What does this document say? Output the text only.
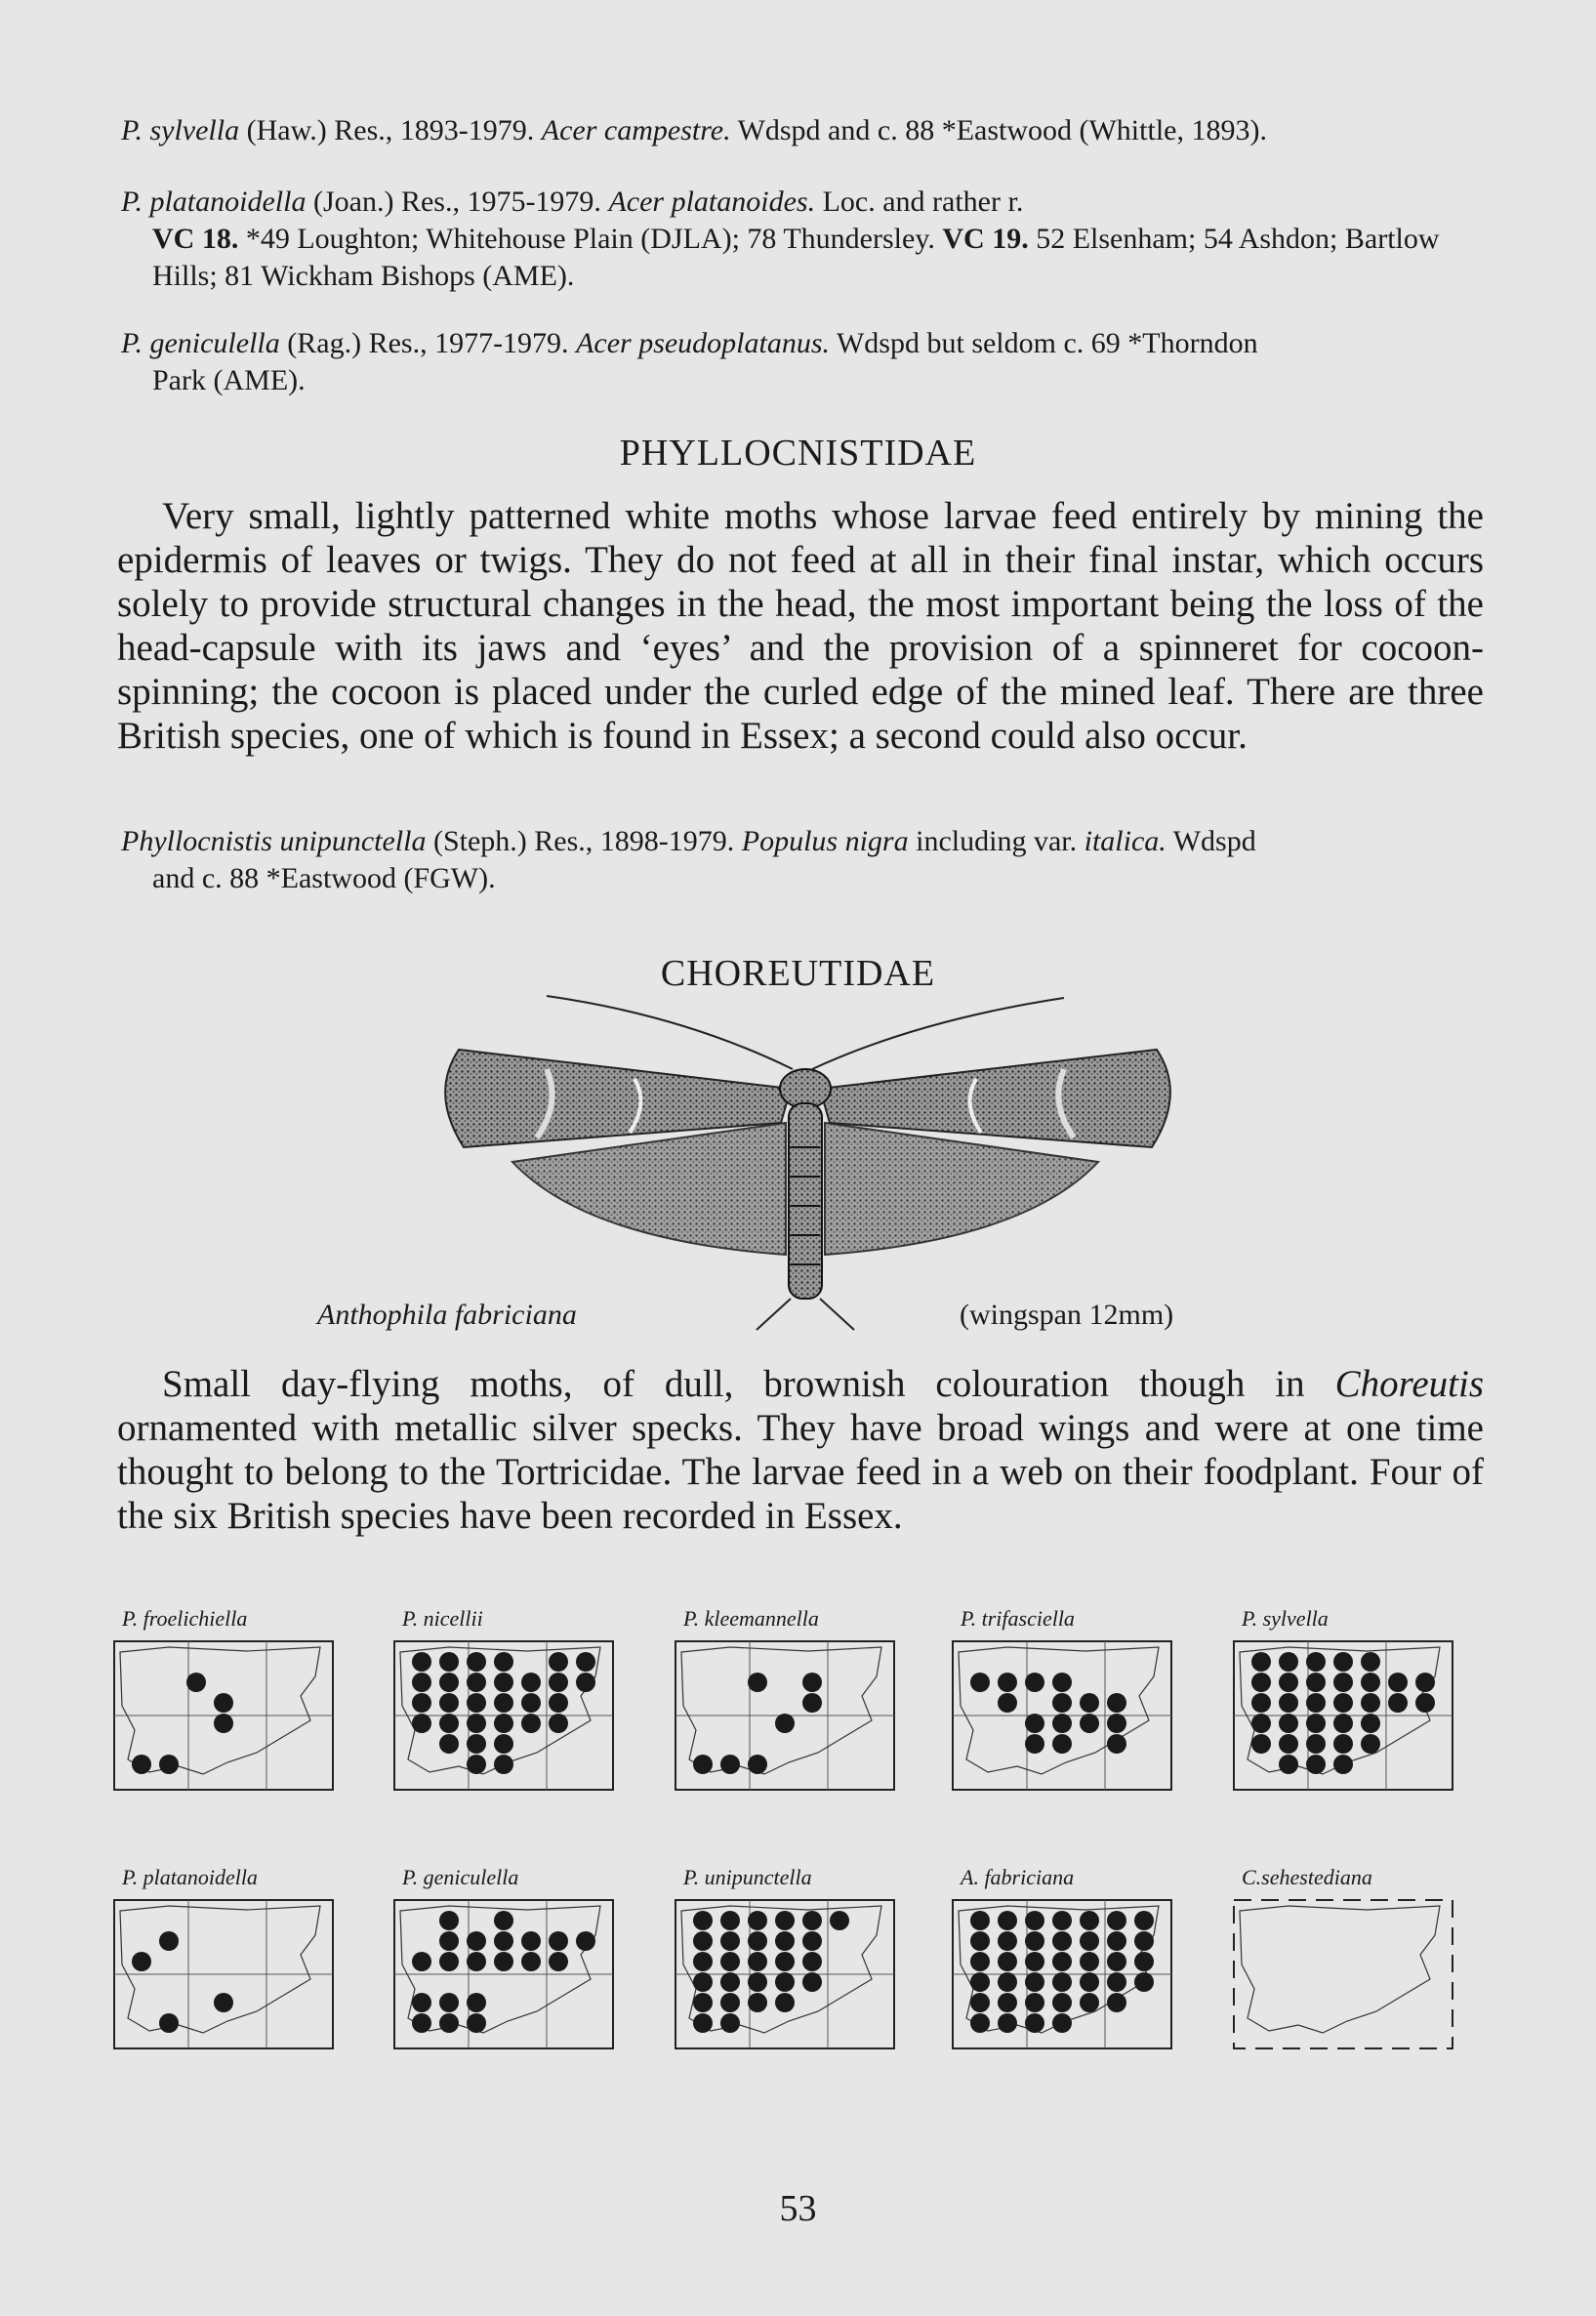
P. sylvella (Haw.) Res., 1893-1979. Acer campestre. Wdspd and c. 88 *Eastwood (Whittle, 1893).
P. platanoidella (Joan.) Res., 1975-1979. Acer platanoides. Loc. and rather r.
VC 18. *49 Loughton; Whitehouse Plain (DJLA); 78 Thundersley. VC 19. 52 Elsenham; 54 Ashdon; Bartlow Hills; 81 Wickham Bishops (AME).
P. geniculella (Rag.) Res., 1977-1979. Acer pseudoplatanus. Wdspd but seldom c. 69 *Thorndon
Park (AME).
PHYLLOCNISTIDAE
Very small, lightly patterned white moths whose larvae feed entirely by mining the epidermis of leaves or twigs. They do not feed at all in their final instar, which occurs solely to provide structural changes in the head, the most important being the loss of the head-capsule with its jaws and ‘eyes’ and the provision of a spinneret for cocoon-spinning; the cocoon is placed under the curled edge of the mined leaf. There are three British species, one of which is found in Essex; a second could also occur.
Phyllocnistis unipunctella (Steph.) Res., 1898-1979. Populus nigra including var. italica. Wdspd
and c. 88 *Eastwood (FGW).
CHOREUTIDAE
Anthophila fabriciana	(wingspan 12mm)
Small day-flying moths, of dull, brownish colouration though in Choreutis ornamented with metallic silver specks. They have broad wings and were at one time thought to belong to the Tortricidae. The larvae feed in a web on their foodplant. Four of the six British species have been recorded in Essex.
P. froelichiella	P. nicellii	P. kleemannella	P. trifasciella	P. sylvella
P. platanoidella	P. geniculella	P. unipunctella	A. fabriciana	C.sehestediana
53
